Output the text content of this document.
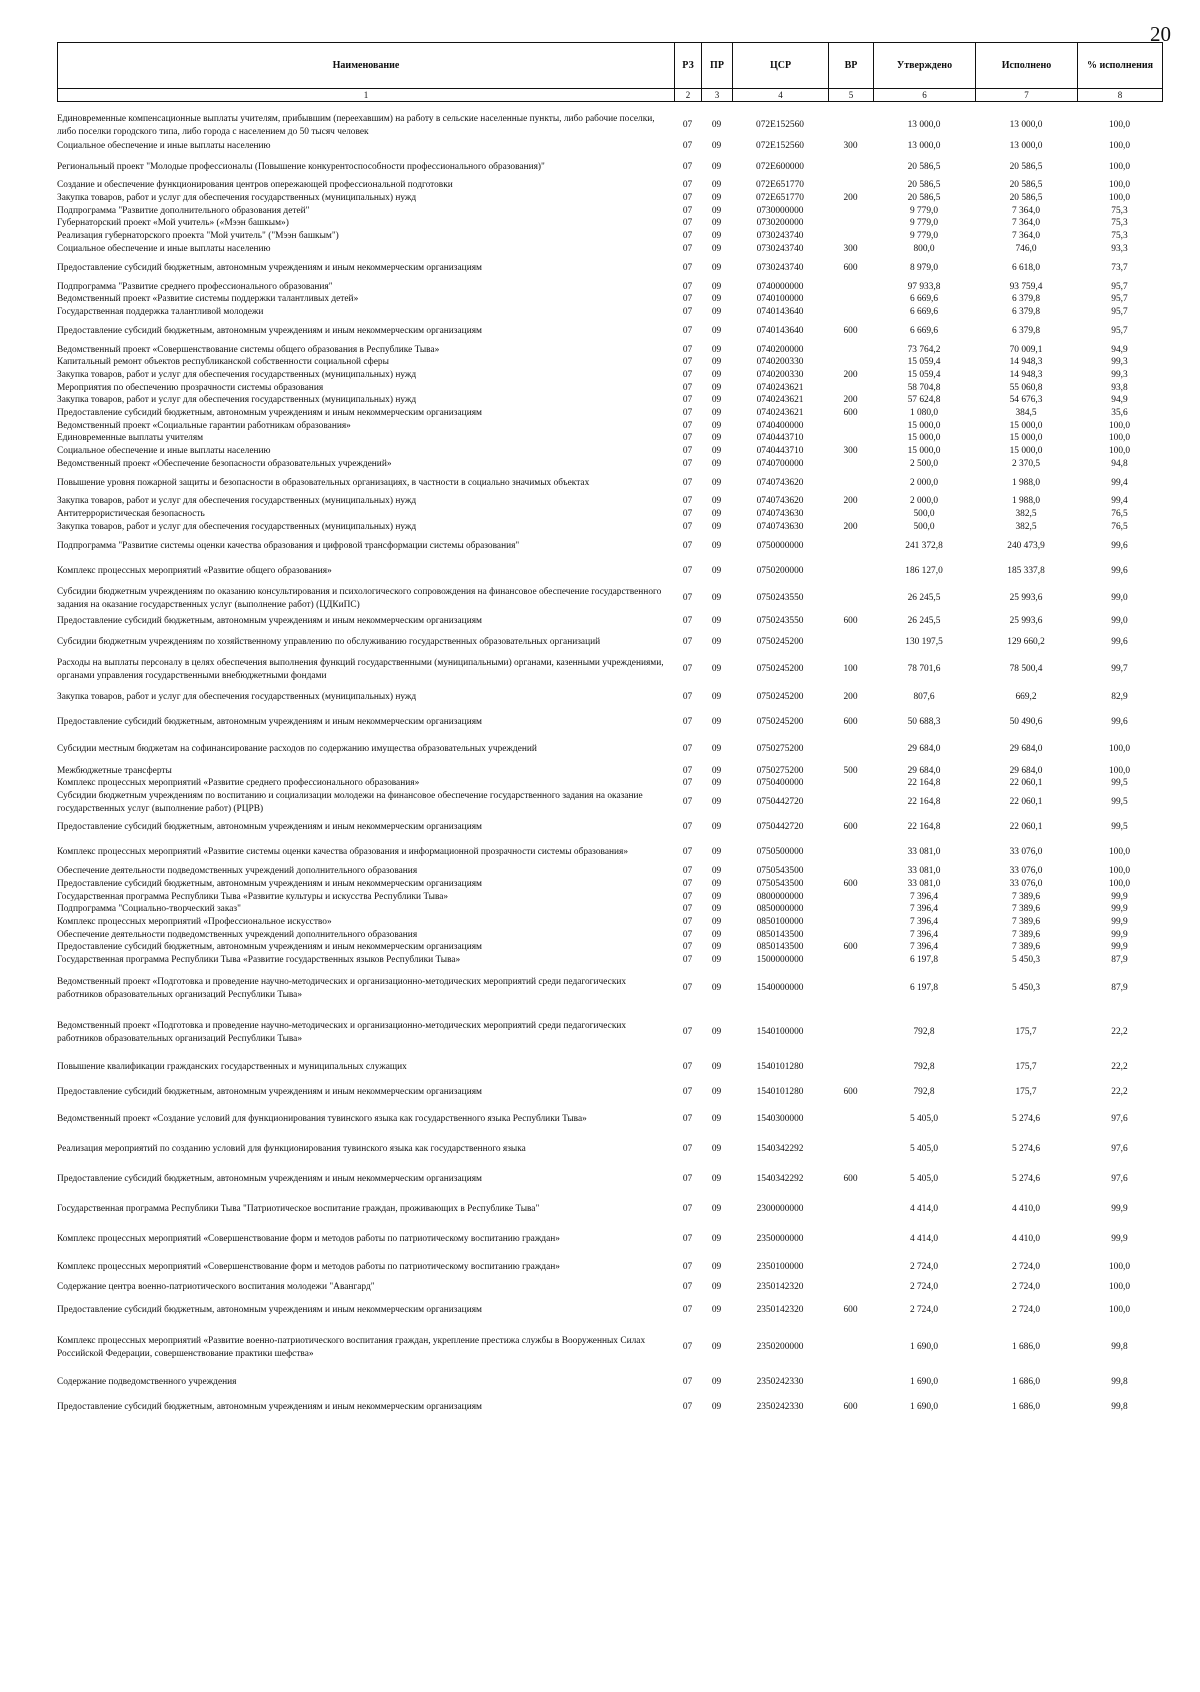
20
Наименование	РЗ	ПР	ЦСР	ВР	Утверждено	Исполнено	% исполнения
1	2	3	4	5	6	7	8
Единовременные компенсационные выплаты учителям, прибывшим (переехавшим) на работу в сельские населенные пункты, либо рабочие поселки, либо поселки городского типа, либо города с населением до 50 тысяч человек	07	09	072Е152560		13 000,0	13 000,0	100,0
Социальное обеспечение и иные выплаты населению	07	09	072Е152560	300	13 000,0	13 000,0	100,0
Региональный проект "Молодые профессионалы (Повышение конкурентоспособности профессионального образования)"	07	09	072Е600000		20 586,5	20 586,5	100,0
Создание и обеспечение функционирования центров опережающей профессиональной подготовки	07	09	072Е651770		20 586,5	20 586,5	100,0
Закупка товаров, работ и услуг для обеспечения государственных (муниципальных) нужд	07	09	072Е651770	200	20 586,5	20 586,5	100,0
Подпрограмма "Развитие дополнительного образования детей"	07	09	0730000000		9 779,0	7 364,0	75,3
Губернаторский проект «Мой учитель» («Мээн башкым»)	07	09	0730200000		9 779,0	7 364,0	75,3
Реализация губернаторского проекта "Мой учитель" ("Мээн башкым")	07	09	0730243740		9 779,0	7 364,0	75,3
Социальное обеспечение и иные выплаты населению	07	09	0730243740	300	800,0	746,0	93,3
Предоставление субсидий бюджетным, автономным учреждениям и иным некоммерческим организациям	07	09	0730243740	600	8 979,0	6 618,0	73,7
Подпрограмма "Развитие среднего профессионального образования"	07	09	0740000000		97 933,8	93 759,4	95,7
Ведомственный проект «Развитие системы поддержки талантливых детей»	07	09	0740100000		6 669,6	6 379,8	95,7
Государственная поддержка талантливой молодежи	07	09	0740143640		6 669,6	6 379,8	95,7
Предоставление субсидий бюджетным, автономным учреждениям и иным некоммерческим организациям	07	09	0740143640	600	6 669,6	6 379,8	95,7
Ведомственный проект «Совершенствование системы общего образования в Республике Тыва»	07	09	0740200000		73 764,2	70 009,1	94,9
Капитальный ремонт объектов республиканской собственности социальной сферы	07	09	0740200330		15 059,4	14 948,3	99,3
Закупка товаров, работ и услуг для обеспечения государственных (муниципальных) нужд	07	09	0740200330	200	15 059,4	14 948,3	99,3
Мероприятия по обеспечению прозрачности системы образования	07	09	0740243621		58 704,8	55 060,8	93,8
Закупка товаров, работ и услуг для обеспечения государственных (муниципальных) нужд	07	09	0740243621	200	57 624,8	54 676,3	94,9
Предоставление субсидий бюджетным, автономным учреждениям и иным некоммерческим организациям	07	09	0740243621	600	1 080,0	384,5	35,6
Ведомственный проект «Социальные гарантии работникам образования»	07	09	0740400000		15 000,0	15 000,0	100,0
Единовременные выплаты учителям	07	09	0740443710		15 000,0	15 000,0	100,0
Социальное обеспечение и иные выплаты населению	07	09	0740443710	300	15 000,0	15 000,0	100,0
Ведомственный проект «Обеспечение безопасности образовательных учреждений»	07	09	0740700000		2 500,0	2 370,5	94,8
Повышение уровня пожарной защиты и безопасности в образовательных организациях, в частности в социально значимых объектах	07	09	0740743620		2 000,0	1 988,0	99,4
Закупка товаров, работ и услуг для обеспечения государственных (муниципальных) нужд	07	09	0740743620	200	2 000,0	1 988,0	99,4
Антитеррористическая безопасность	07	09	0740743630		500,0	382,5	76,5
Закупка товаров, работ и услуг для обеспечения государственных (муниципальных) нужд	07	09	0740743630	200	500,0	382,5	76,5
Подпрограмма "Развитие системы оценки качества образования и цифровой трансформации системы образования"	07	09	0750000000		241 372,8	240 473,9	99,6
Комплекс процессных мероприятий «Развитие общего образования»	07	09	0750200000		186 127,0	185 337,8	99,6
Субсидии бюджетным учреждениям по оказанию консультирования и психологического сопровождения на финансовое обеспечение государственного задания на оказание государственных услуг (выполнение работ) (ЦДКиПС)	07	09	0750243550		26 245,5	25 993,6	99,0
Предоставление субсидий бюджетным, автономным учреждениям и иным некоммерческим организациям	07	09	0750243550	600	26 245,5	25 993,6	99,0
Субсидии бюджетным учреждениям по хозяйственному управлению по обслуживанию государственных образовательных организаций	07	09	0750245200		130 197,5	129 660,2	99,6
Расходы на выплаты персоналу в целях обеспечения выполнения функций государственными (муниципальными) органами, казенными учреждениями, органами управления государственными внебюджетными фондами	07	09	0750245200	100	78 701,6	78 500,4	99,7
Закупка товаров, работ и услуг для обеспечения государственных (муниципальных) нужд	07	09	0750245200	200	807,6	669,2	82,9
Предоставление субсидий бюджетным, автономным учреждениям и иным некоммерческим организациям	07	09	0750245200	600	50 688,3	50 490,6	99,6
Субсидии местным бюджетам на софинансирование расходов по содержанию имущества образовательных учреждений	07	09	0750275200		29 684,0	29 684,0	100,0
Межбюджетные трансферты	07	09	0750275200	500	29 684,0	29 684,0	100,0
Комплекс процессных мероприятий «Развитие среднего профессионального образования»	07	09	0750400000		22 164,8	22 060,1	99,5
Субсидии бюджетным учреждениям по воспитанию и социализации молодежи на финансовое обеспечение государственного задания на оказание государственных услуг (выполнение работ) (РЦРВ)	07	09	0750442720		22 164,8	22 060,1	99,5
Предоставление субсидий бюджетным, автономным учреждениям и иным некоммерческим организациям	07	09	0750442720	600	22 164,8	22 060,1	99,5
Комплекс процессных мероприятий «Развитие системы оценки качества образования и информационной прозрачности системы образования»	07	09	0750500000		33 081,0	33 076,0	100,0
Обеспечение деятельности подведомственных учреждений дополнительного образования	07	09	0750543500		33 081,0	33 076,0	100,0
Предоставление субсидий бюджетным, автономным учреждениям и иным некоммерческим организациям	07	09	0750543500	600	33 081,0	33 076,0	100,0
Государственная программа Республики Тыва «Развитие культуры и искусства Республики Тыва»	07	09	0800000000		7 396,4	7 389,6	99,9
Подпрограмма "Социально-творческий заказ"	07	09	0850000000		7 396,4	7 389,6	99,9
Комплекс процессных мероприятий «Профессиональное искусство»	07	09	0850100000		7 396,4	7 389,6	99,9
Обеспечение деятельности подведомственных учреждений дополнительного образования	07	09	0850143500		7 396,4	7 389,6	99,9
Предоставление субсидий бюджетным, автономным учреждениям и иным некоммерческим организациям	07	09	0850143500	600	7 396,4	7 389,6	99,9
Государственная программа Республики Тыва «Развитие государственных языков Республики Тыва»	07	09	1500000000		6 197,8	5 450,3	87,9
Ведомственный проект «Подготовка и проведение научно-методических и организационно-методических мероприятий среди педагогических работников образовательных организаций Республики Тыва»	07	09	1540000000		6 197,8	5 450,3	87,9
Ведомственный проект «Подготовка и проведение научно-методических и организационно-методических мероприятий среди педагогических работников образовательных организаций Республики Тыва»	07	09	1540100000		792,8	175,7	22,2
Повышение квалификации гражданских государственных и муниципальных служащих	07	09	1540101280		792,8	175,7	22,2
Предоставление субсидий бюджетным, автономным учреждениям и иным некоммерческим организациям	07	09	1540101280	600	792,8	175,7	22,2
Ведомственный проект «Создание условий для функционирования тувинского языка как государственного языка Республики Тыва»	07	09	1540300000		5 405,0	5 274,6	97,6
Реализация мероприятий по созданию условий для функционирования тувинского языка как государственного языка	07	09	1540342292		5 405,0	5 274,6	97,6
Предоставление субсидий бюджетным, автономным учреждениям и иным некоммерческим организациям	07	09	1540342292	600	5 405,0	5 274,6	97,6
Государственная программа Республики Тыва "Патриотическое воспитание граждан, проживающих в Республике Тыва"	07	09	2300000000		4 414,0	4 410,0	99,9
Комплекс процессных мероприятий «Совершенствование форм и методов работы по патриотическому воспитанию граждан»	07	09	2350000000		4 414,0	4 410,0	99,9
Комплекс процессных мероприятий «Совершенствование форм и методов работы по патриотическому воспитанию граждан»	07	09	2350100000		2 724,0	2 724,0	100,0
Содержание центра военно-патриотического воспитания молодежи "Авангард"	07	09	2350142320		2 724,0	2 724,0	100,0
Предоставление субсидий бюджетным, автономным учреждениям и иным некоммерческим организациям	07	09	2350142320	600	2 724,0	2 724,0	100,0
Комплекс процессных мероприятий «Развитие военно-патриотического воспитания граждан, укрепление престижа службы в Вооруженных Силах Российской Федерации, совершенствование практики шефства»	07	09	2350200000		1 690,0	1 686,0	99,8
Содержание подведомственного учреждения	07	09	2350242330		1 690,0	1 686,0	99,8
Предоставление субсидий бюджетным, автономным учреждениям и иным некоммерческим организациям	07	09	2350242330	600	1 690,0	1 686,0	99,8
